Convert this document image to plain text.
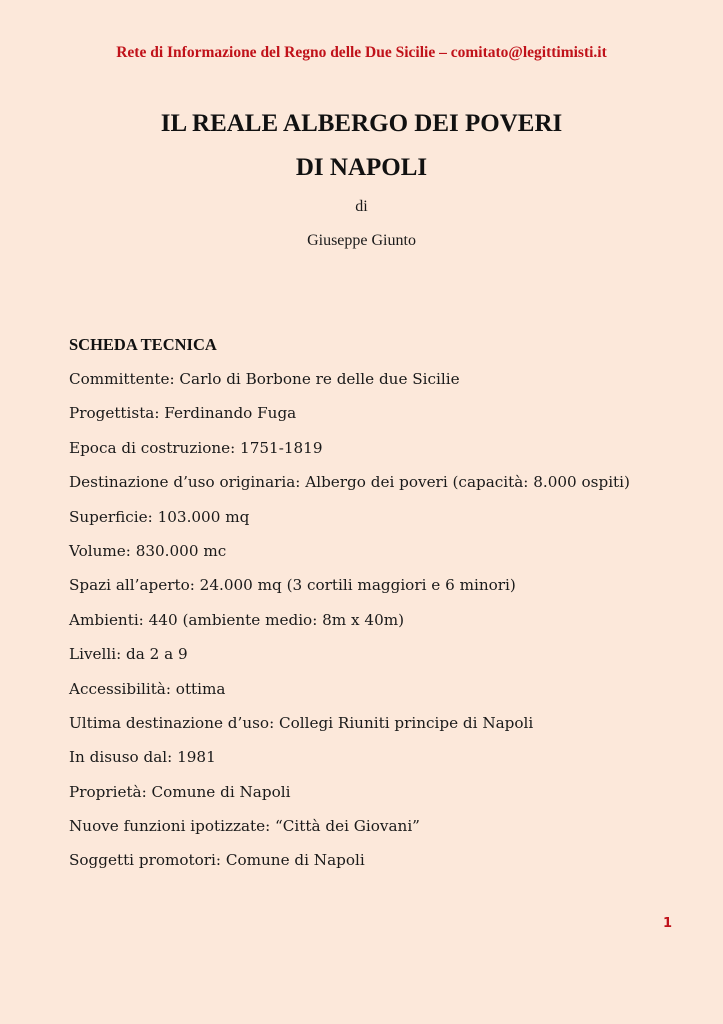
Rete di Informazione del Regno delle Due Sicilie – comitato@legittimisti.it
IL REALE ALBERGO DEI POVERI
DI NAPOLI
di
Giuseppe Giunto
SCHEDA TECNICA
Committente: Carlo di Borbone re delle due Sicilie
Progettista: Ferdinando Fuga
Epoca di costruzione: 1751-1819
Destinazione d’uso originaria: Albergo dei poveri (capacità: 8.000 ospiti)
Superficie: 103.000 mq
Volume: 830.000 mc
Spazi all’aperto: 24.000 mq (3 cortili maggiori e 6 minori)
Ambienti: 440 (ambiente medio: 8m x 40m)
Livelli: da 2 a 9
Accessibilità: ottima
Ultima destinazione d’uso: Collegi Riuniti principe di Napoli
In disuso dal: 1981
Proprietà: Comune di Napoli
Nuove funzioni ipotizzate: “Città dei Giovani”
Soggetti promotori: Comune di Napoli
1
